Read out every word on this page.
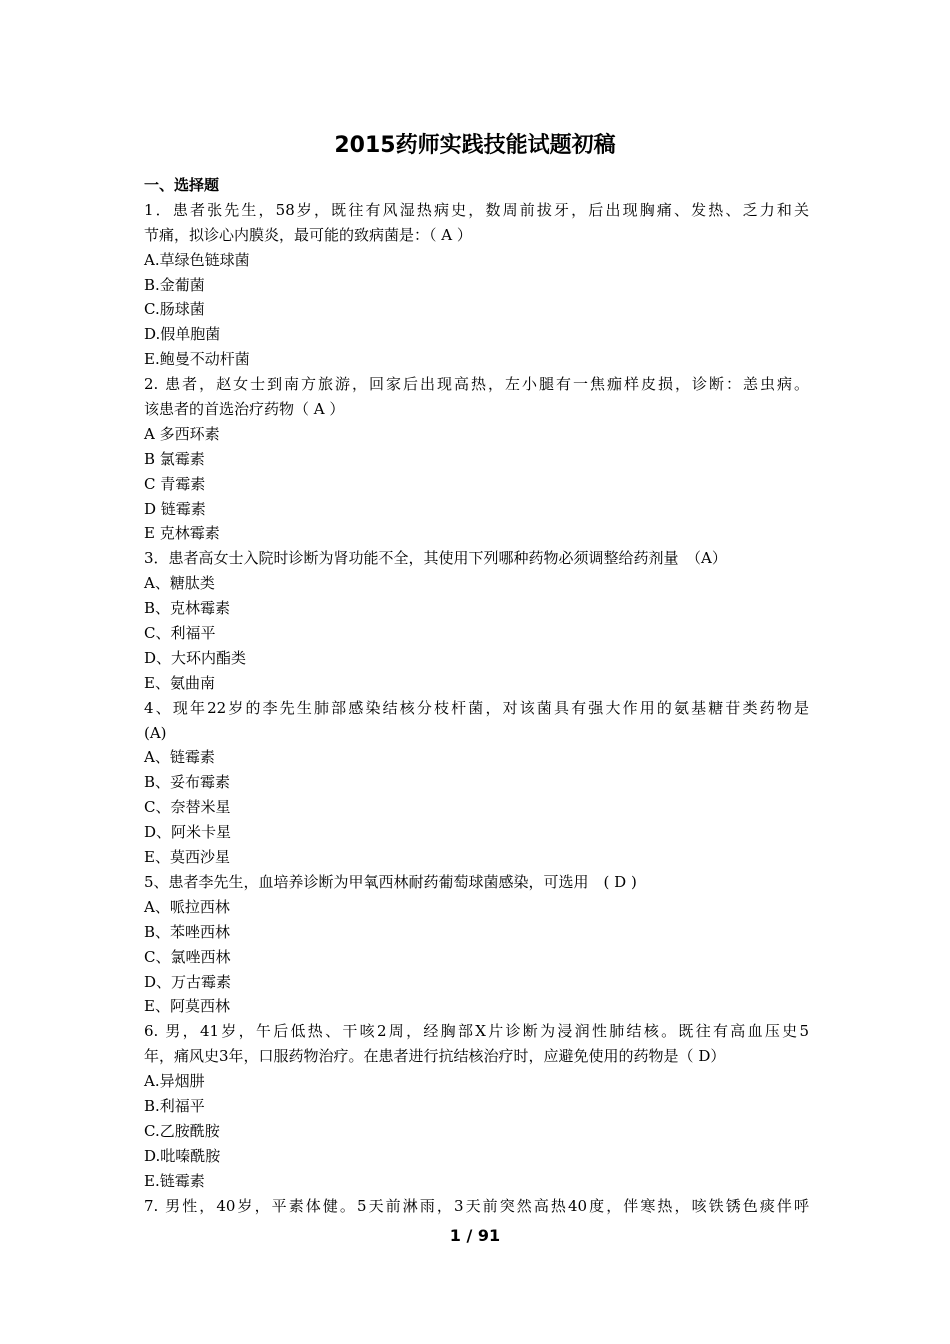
2015药师实践技能试题初稿
一、选择题
1．患者张先生，58岁，既往有风湿热病史，数周前拔牙，后出现胸痛、发热、乏力和关
节痛，拟诊心内膜炎，最可能的致病菌是：（ A ）
A.草绿色链球菌
B.金葡菌
C.肠球菌
D.假单胞菌
E.鲍曼不动杆菌
2. 患者，赵女士到南方旅游，回家后出现高热，左小腿有一焦痂样皮损，诊断：恙虫病。
该患者的首选治疗药物（ A ）
A 多西环素
B 氯霉素
C 青霉素
D 链霉素
E 克林霉素
3．患者高女士入院时诊断为肾功能不全，其使用下列哪种药物必须调整给药剂量　（A）
A、糖肽类
B、克林霉素
C、利福平
D、大环内酯类
E、氨曲南
4、现年22岁的李先生肺部感染结核分枝杆菌，对该菌具有强大作用的氨基糖苷类药物是
(A)
A、链霉素
B、妥布霉素
C、奈替米星
D、阿米卡星
E、莫西沙星
5、患者李先生，血培养诊断为甲氧西林耐药葡萄球菌感染，可选用　( D )
A、哌拉西林
B、苯唑西林
C、氯唑西林
D、万古霉素
E、阿莫西林
6. 男，41岁，午后低热、干咳2周，经胸部X片诊断为浸润性肺结核。既往有高血压史5
年，痛风史3年，口服药物治疗。在患者进行抗结核治疗时，应避免使用的药物是（ D）
A.异烟肼
B.利福平
C.乙胺酰胺
D.吡嗪酰胺
E.链霉素
7. 男性，40岁，平素体健。5天前淋雨，3天前突然高热40度，伴寒热，咳铁锈色痰伴呼
1 / 91
